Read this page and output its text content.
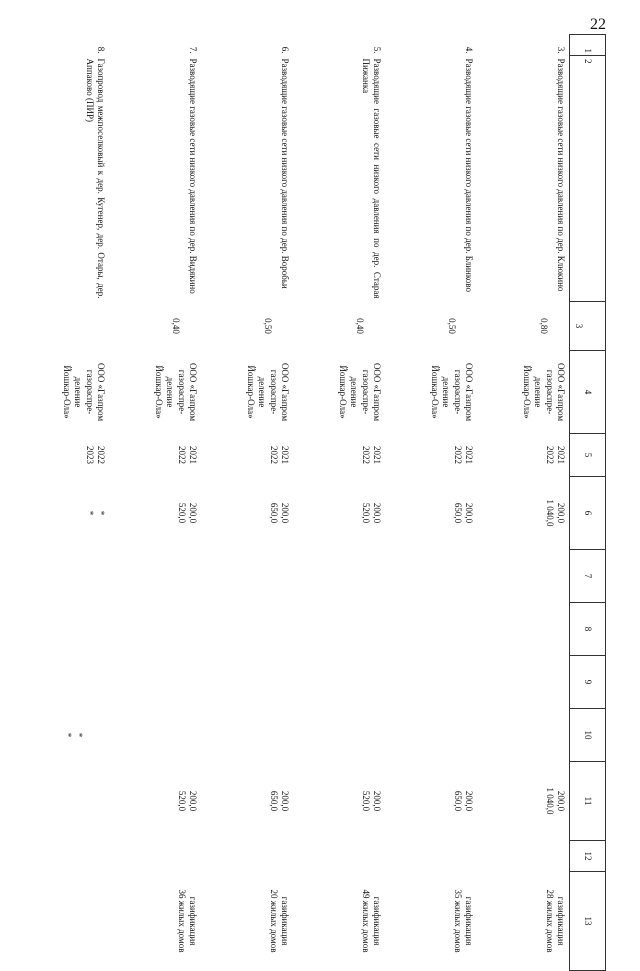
22
1	2	3	4	5	6	7	8	9	10	11	12	13
3.	Разводящие газовые сети низкого давления по дер. Клюкино	0,80	ООО «Газпром
газораспре-
деление
Йошкар-Ола»	2021
2022	200,0
1 040,0					200,0
1 040,0		газификация
28 жилых домов

4.	Разводящие газовые сети низкого давления по дер. Блинково	0,50	ООО «Газпром
газораспре-
деление
Йошкар-Ола»	2021
2022	200,0
650,0					200,0
650,0		газификация
35 жилых домов

5.	Разводящие газовые сети низкого давления по дер. Старая Пижанка	0,40	ООО «Газпром
газораспре-
деление
Йошкар-Ола»	2021
2022	200,0
520,0					200,0
520,0		газификация
49 жилых домов

6.	Разводящие газовые сети низкого давления по дер. Воробьи	0,50	ООО «Газпром
газораспре-
деление
Йошкар-Ола»	2021
2022	200,0
650,0					200,0
650,0		газификация
20 жилых домов

7.	Разводящие газовые сети низкого давления по дер. Видякино	0,40	ООО «Газпром
газораспре-
деление
Йошкар-Ола»	2021
2022	200,0
520,0					200,0
520,0		газификация
36 жилых домов

8.	Газопровод межпоселковый к дер. Кугенер, дер. Отары, дер. Аппаково (ПИР)		ООО «Газпром
газораспре-
деление
Йошкар-Ола»	2022
2023	*
*				*
*			
